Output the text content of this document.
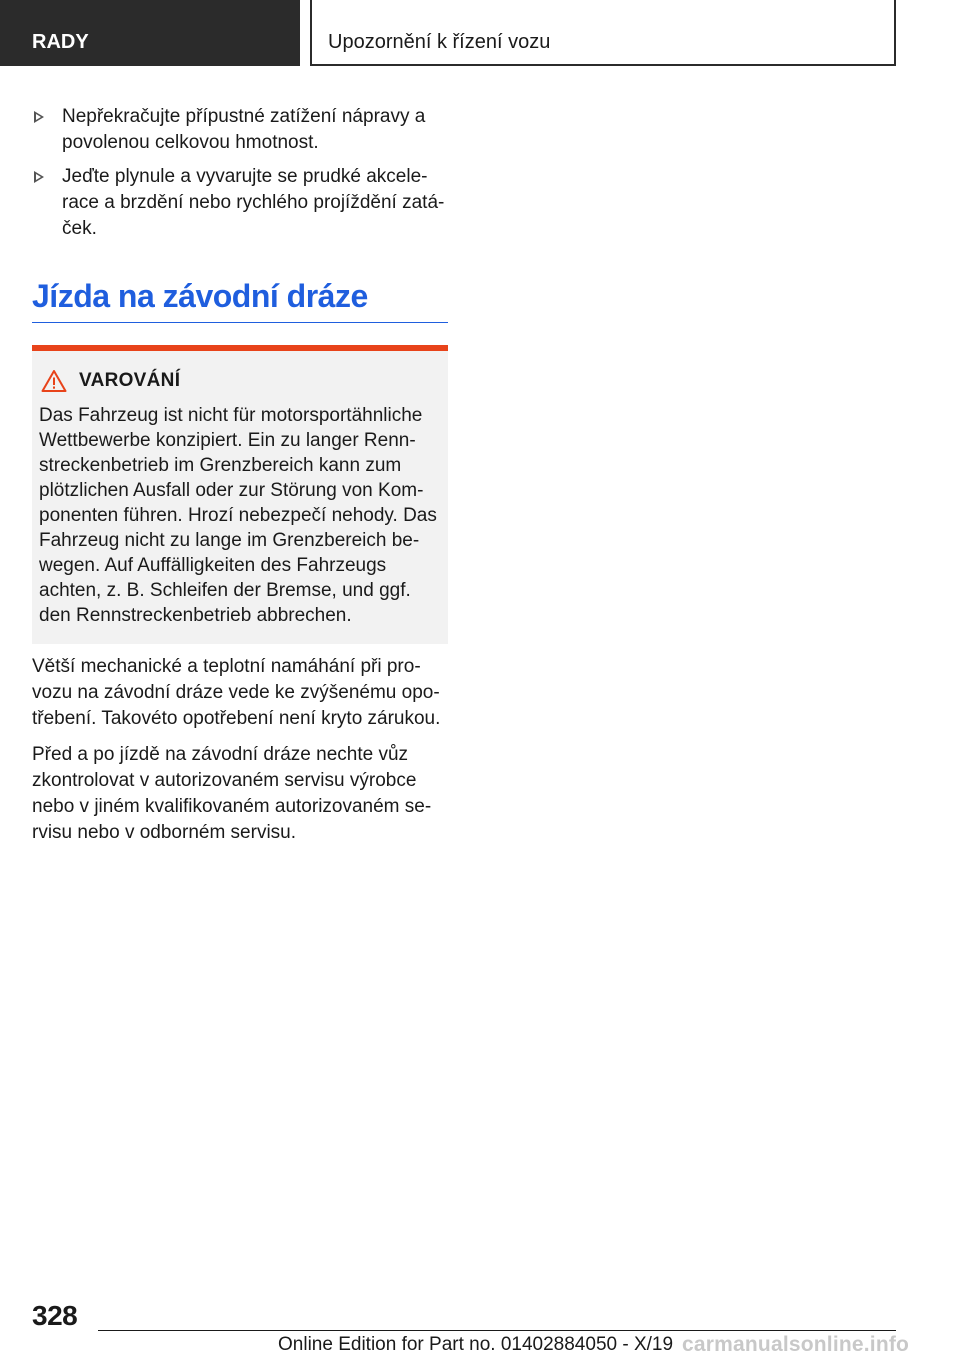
RADY	Upozornění k řízení vozu
Nepřekračujte přípustné zatížení nápravy a povolenou celkovou hmotnost.
Jeďte plynule a vyvarujte se prudké akcelerace a brzdění nebo rychlého projíždění zatáček.
Jízda na závodní dráze
VAROVÁNÍ

Das Fahrzeug ist nicht für motorsportähnliche Wettbewerbe konzipiert. Ein zu langer Rennstreckenbetrieb im Grenzbereich kann zum plötzlichen Ausfall oder zur Störung von Komponenten führen. Hrozí nebezpečí nehody. Das Fahrzeug nicht zu lange im Grenzbereich bewegen. Auf Auffälligkeiten des Fahrzeugs achten, z. B. Schleifen der Bremse, und ggf. den Rennstreckenbetrieb abbrechen.

Větší mechanické a teplotní namáhání při provozu na závodní dráze vede ke zvýšenému opotřebení. Takovéto opotřebení není kryto zárukou.

Před a po jízdě na závodní dráze nechte vůz zkontrolovat v autorizovaném servisu výrobce nebo v jiném kvalifikovaném autorizovaném servisu nebo v odborném servisu.

328
Online Edition for Part no. 01402884050 - X/19 carmanualsonline.info
